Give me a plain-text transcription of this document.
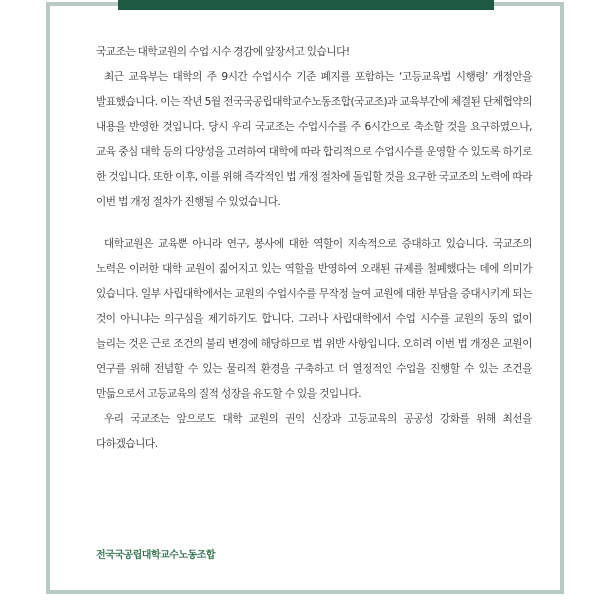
국교조는 대학교원의 수업 시수 경감에 앞장서고 있습니다!

최근 교육부는 대학의 주 9시간 수업시수 기준 폐지를 포함하는 ‘고등교육법 시행령’ 개정안을 발표했습니다. 이는 작년 5월 전국국공립대학교수노동조합(국교조)과 교육부간에 체결된 단체협약의 내용을 반영한 것입니다. 당시 우리 국교조는 수업시수를 주 6시간으로 축소할 것을 요구하였으나, 교육 중심 대학 등의 다양성을 고려하여 대학에 따라 합리적으로 수업시수를 운영할 수 있도록 하기로 한 것입니다. 또한 이후, 이를 위해 즉각적인 법 개정 절차에 돌입할 것을 요구한 국교조의 노력에 따라 이번 법 개정 절차가 진행될 수 있었습니다.

대학교원은 교육뿐 아니라 연구, 봉사에 대한 역할이 지속적으로 증대하고 있습니다. 국교조의 노력은 이러한 대학 교원이 짊어지고 있는 역할을 반영하여 오래된 규제를 철폐했다는 데에 의미가 있습니다. 일부 사립대학에서는 교원의 수업시수를 무작정 늘여 교원에 대한 부담을 증대시키게 되는 것이 아니냐는 의구심을 제기하기도 합니다. 그러나 사립대학에서 수업 시수를 교원의 동의 없이 늘리는 것은 근로 조건의 불리 변경에 해당하므로 법 위반 사항입니다. 오히려 이번 법 개정은 교원이 연구를 위해 전념할 수 있는 물리적 환경을 구축하고 더 열정적인 수업을 진행할 수 있는 조건을 만듦으로서 고등교육의 질적 성장을 유도할 수 있을 것입니다.

우리 국교조는 앞으로도 대학 교원의 권익 신장과 고등교육의 공공성 강화를 위해 최선을 다하겠습니다.

전국국공립대학교수노동조합
